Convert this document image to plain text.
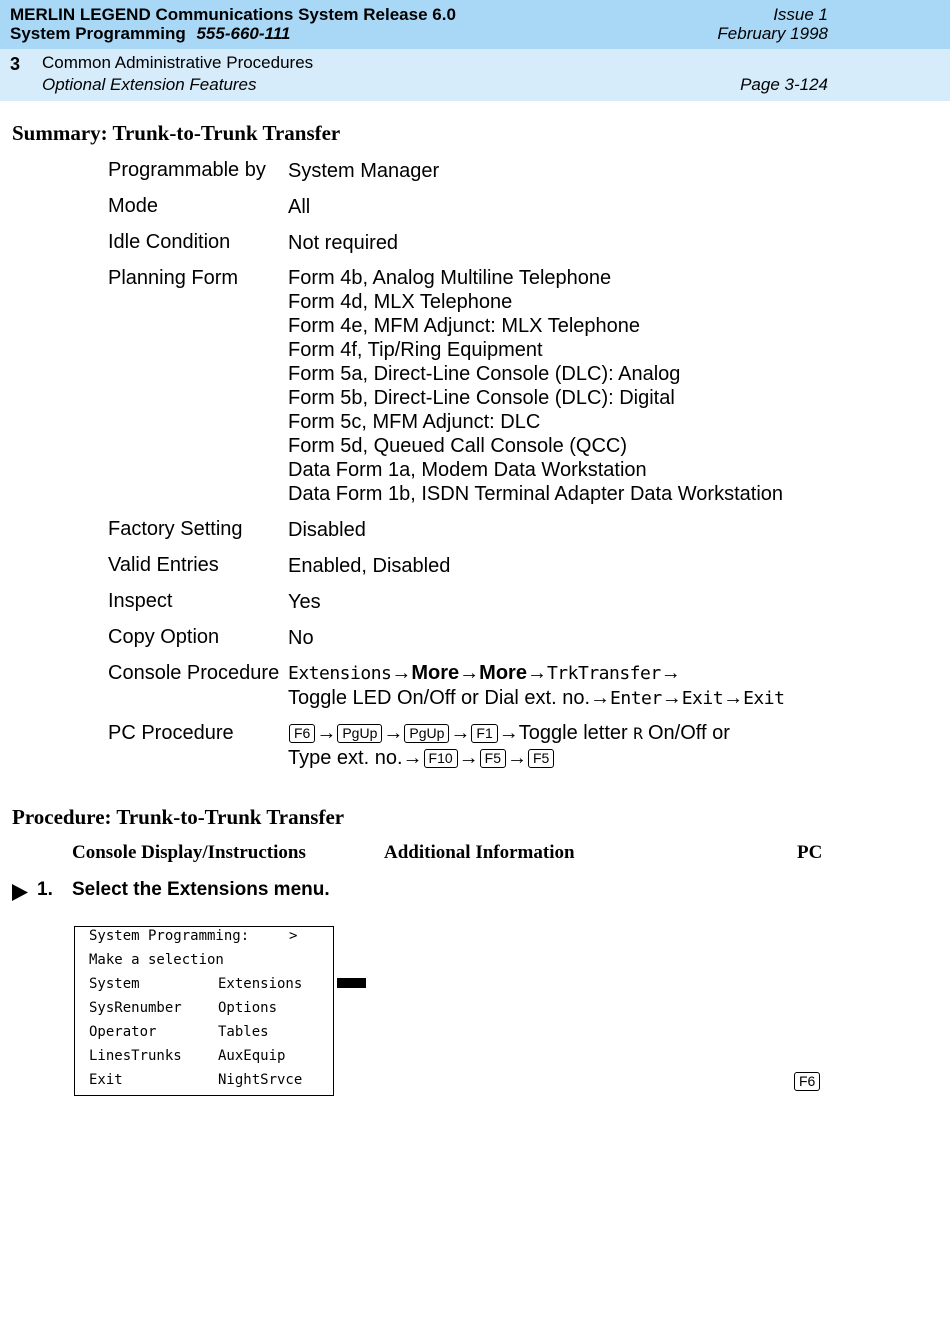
MERLIN LEGEND Communications System Release 6.0
System Programming 555-660-111
Issue 1
February 1998
3 Common Administrative Procedures
Optional Extension Features	Page 3-124
Summary: Trunk-to-Trunk Transfer
Programmable by System Manager
Mode	All
Idle Condition	Not required
Planning Form Form 4b, Analog Multiline Telephone
Form 4d, MLX Telephone
Form 4e, MFM Adjunct: MLX Telephone
Form 4f, Tip/Ring Equipment
Form 5a, Direct-Line Console (DLC): Analog
Form 5b, Direct-Line Console (DLC): Digital
Form 5c, MFM Adjunct: DLC
Form 5d, Queued Call Console (QCC)
Data Form 1a, Modem Data Workstation
Data Form 1b, ISDN Terminal Adapter Data Workstation
Factory Setting Disabled
Valid Entries	Enabled, Disabled
Inspect	Yes
Copy Option	No
Console Procedure Extensions→More→More→TrkTransfer→
Toggle LED On/Off or Dial ext. no.→Enter→Exit→Exit
PC Procedure	F6 → PgUp → PgUp → F1 →Toggle letter R On/Off or
Type ext. no.→ F10 → F5 → F5
Procedure: Trunk-to-Trunk Transfer
Console Display/Instructions	Additional Information	PC
1. Select the Extensions menu.
System Programming:	>
Make a selection
System	Extensions
SysRenumber	Options
Operator	Tables
LinesTrunks	AuxEquip
Exit	NightSrvce	F6
